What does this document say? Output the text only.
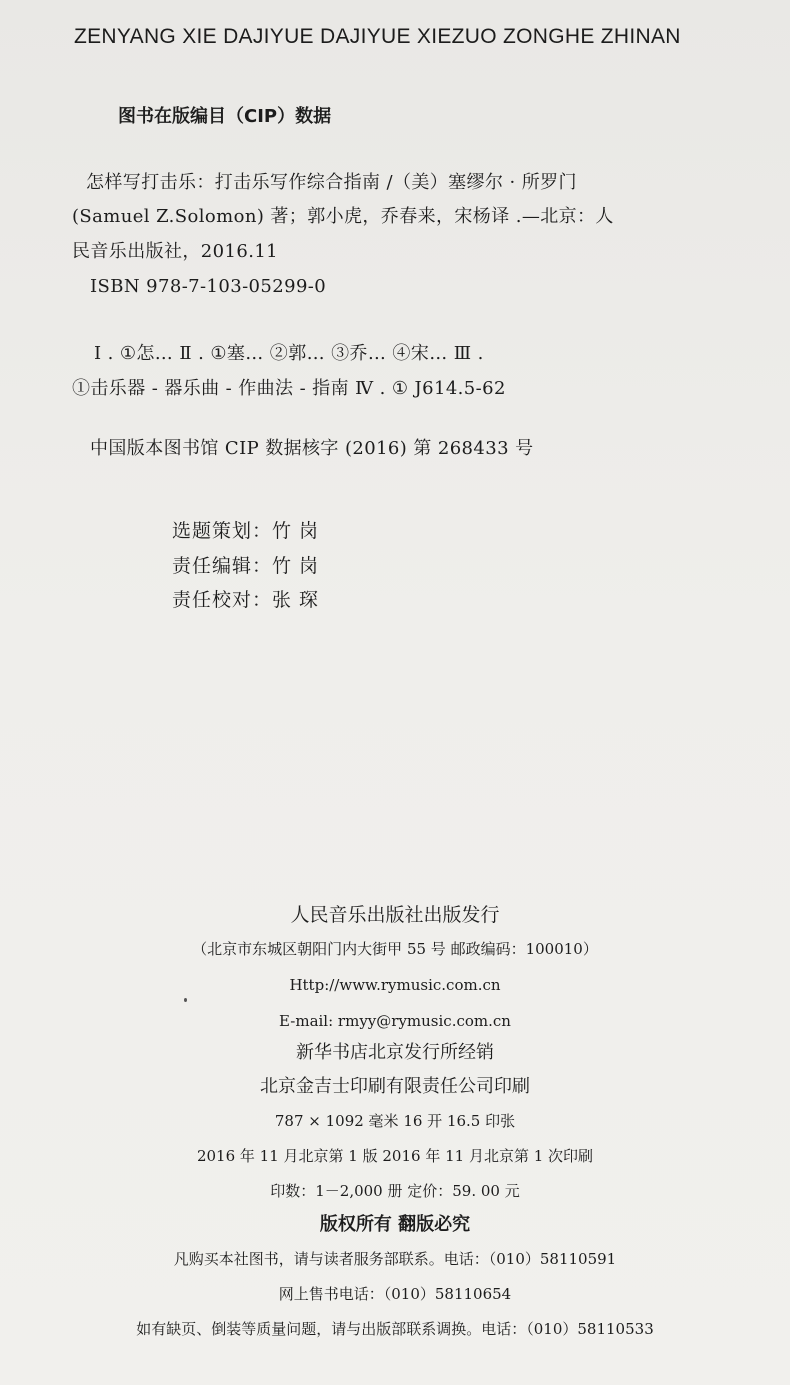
ZENYANG XIE DAJIYUE DAJIYUE XIEZUO ZONGHE ZHINAN
图书在版编目（CIP）数据
怎样写打击乐：打击乐写作综合指南 /（美）塞缪尔 · 所罗门
(Samuel Z.Solomon) 著；郭小虎，乔春来，宋杨译 .—北京：人
民音乐出版社，2016.11
ISBN 978-7-103-05299-0
Ⅰ . ①怎… Ⅱ . ①塞… ②郭… ③乔… ④宋… Ⅲ .
①击乐器 - 器乐曲 - 作曲法 - 指南 Ⅳ . ① J614.5-62
中国版本图书馆 CIP 数据核字 (2016) 第 268433 号
选题策划：竹 岗
责任编辑：竹 岗
责任校对：张 琛
人民音乐出版社出版发行
（北京市东城区朝阳门内大街甲 55 号 邮政编码：100010）
Http://www.rymusic.com.cn
E-mail: rmyy@rymusic.com.cn
新华书店北京发行所经销
北京金吉士印刷有限责任公司印刷
787 × 1092 毫米 16 开 16.5 印张
2016 年 11 月北京第 1 版 2016 年 11 月北京第 1 次印刷
印数：1－2,000 册 定价：59. 00 元
版权所有 翻版必究
凡购买本社图书，请与读者服务部联系。电话：（010）58110591
网上售书电话：（010）58110654
如有缺页、倒装等质量问题，请与出版部联系调换。电话：（010）58110533
